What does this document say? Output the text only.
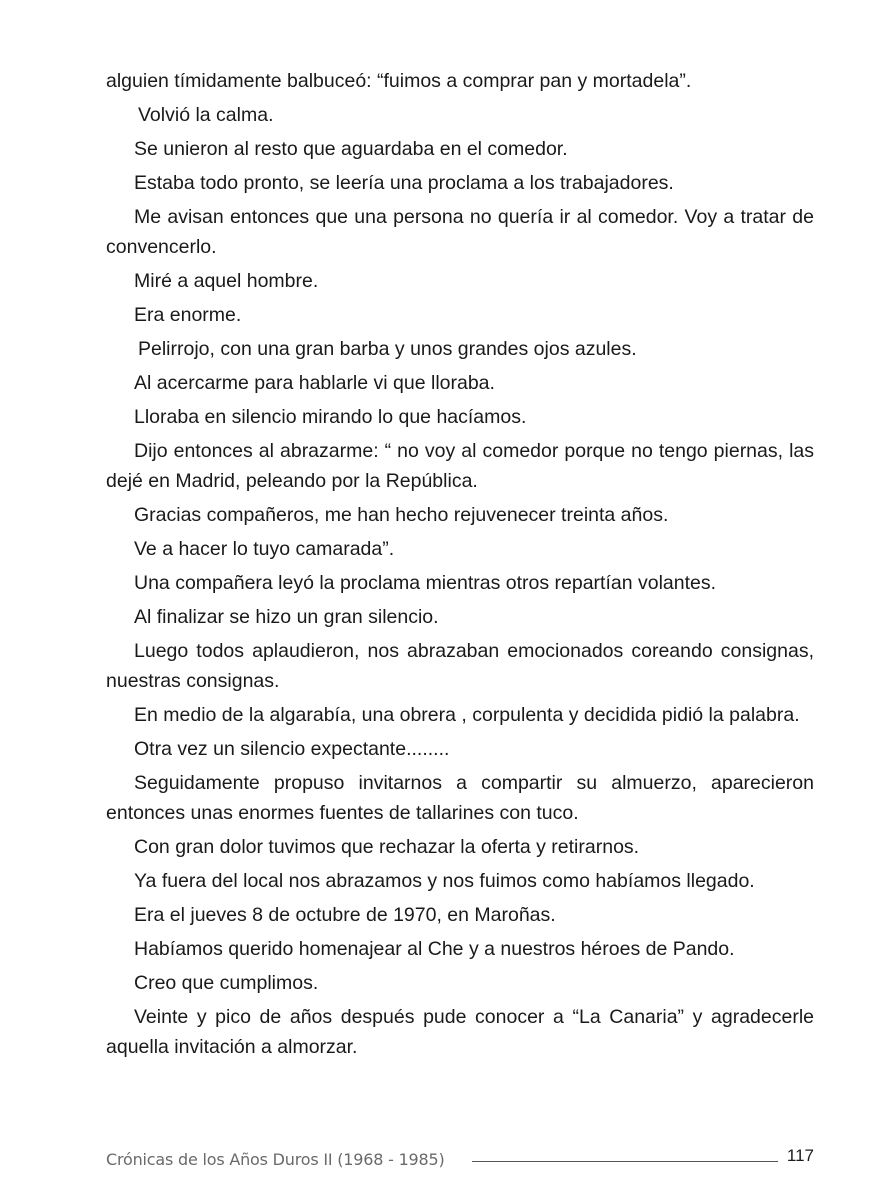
alguien tímidamente balbuceó: “fuimos a comprar pan y mortadela”.

Volvió la calma.

Se unieron al resto que aguardaba en el comedor.

Estaba todo pronto, se leería una proclama a los trabajadores.

Me avisan entonces que una persona no quería ir al comedor. Voy a tratar de convencerlo.

Miré a aquel hombre.

Era enorme.

Pelirrojo, con una gran barba y unos grandes ojos azules.

Al acercarme para hablarle vi que lloraba.

Lloraba en silencio mirando lo que hacíamos.

Dijo entonces al abrazarme: “ no voy al comedor porque no tengo piernas, las dejé en Madrid, peleando por la República.

Gracias compañeros, me han hecho rejuvenecer treinta años.

Ve a hacer lo tuyo camarada”.

Una compañera leyó la proclama mientras otros repartían volantes.

Al finalizar se hizo un gran silencio.

Luego todos aplaudieron, nos abrazaban emocionados coreando consignas, nuestras consignas.

En medio de la algarabía, una obrera , corpulenta y decidida pidió la palabra.

Otra vez un silencio expectante........

Seguidamente propuso invitarnos a compartir su almuerzo, aparecieron entonces unas enormes fuentes de tallarines con tuco.

Con gran dolor tuvimos que rechazar la oferta y retirarnos.

Ya fuera del local nos abrazamos y nos fuimos como habíamos llegado.

Era el jueves 8 de octubre de 1970, en Maroñas.

Habíamos querido homenajear al Che y a nuestros héroes de Pando.

Creo que cumplimos.

Veinte y pico de años después pude conocer a “La Canaria” y agradecerle aquella invitación a almorzar.

Crónicas de los Años Duros II (1968 - 1985)	117
